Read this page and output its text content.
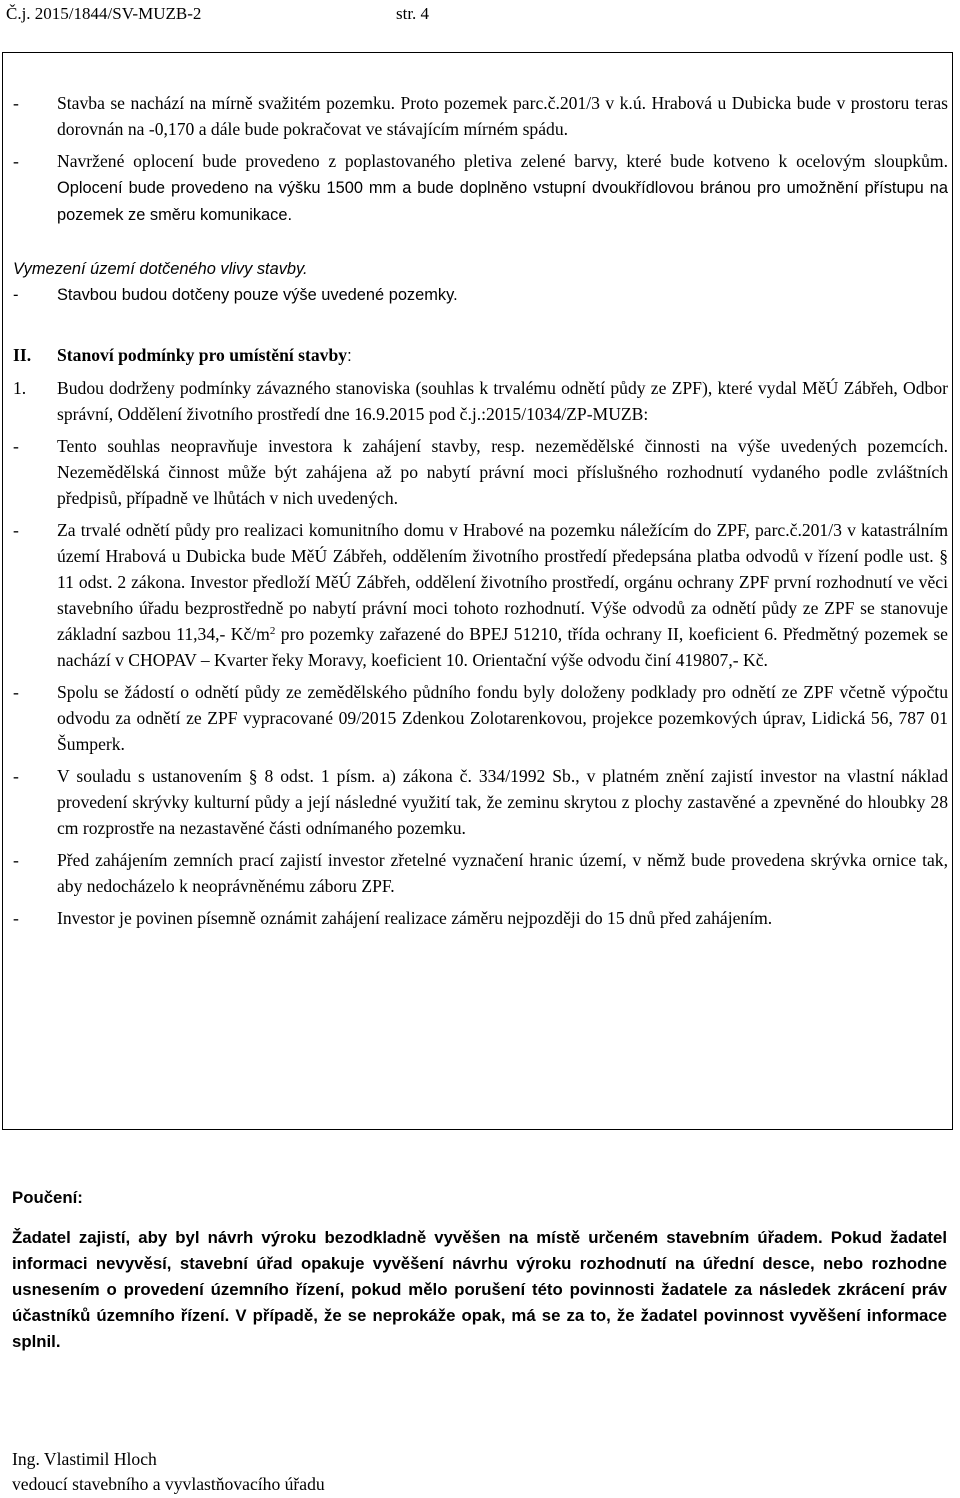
Č.j. 2015/1844/SV-MUZB-2	str. 4
- Stavba se nachází na mírně svažitém pozemku. Proto pozemek parc.č.201/3 v k.ú. Hrabová u Dubicka bude v prostoru teras dorovnán na -0,170 a dále bude pokračovat ve stávajícím mírném spádu.
- Navržené oplocení bude provedeno z poplastovaného pletiva zelené barvy, které bude kotveno k ocelovým sloupkům. Oplocení bude provedeno na výšku 1500 mm a bude doplněno vstupní dvoukřídlovou bránou pro umožnění přístupu na pozemek ze směru komunikace.
Vymezení území dotčeného vlivy stavby.
- Stavbou budou dotčeny pouze výše uvedené pozemky.
II. Stanoví podmínky pro umístění stavby:
1. Budou dodrženy podmínky závazného stanoviska (souhlas k trvalému odnětí půdy ze ZPF), které vydal MěÚ Zábřeh, Odbor správní, Oddělení životního prostředí dne 16.9.2015 pod č.j.:2015/1034/ZP-MUZB:
- Tento souhlas neopravňuje investora k zahájení stavby, resp. nezemědělské činnosti na výše uvedených pozemcích. Nezemědělská činnost může být zahájena až po nabytí právní moci příslušného rozhodnutí vydaného podle zvláštních předpisů, případně ve lhůtách v nich uvedených.
- Za trvalé odnětí půdy pro realizaci komunitního domu v Hrabové na pozemku náležícím do ZPF, parc.č.201/3 v katastrálním území Hrabová u Dubicka bude MěÚ Zábřeh, oddělením životního prostředí předepsána platba odvodů v řízení podle ust. § 11 odst. 2 zákona. Investor předloží MěÚ Zábřeh, oddělení životního prostředí, orgánu ochrany ZPF první rozhodnutí ve věci stavebního úřadu bezprostředně po nabytí právní moci tohoto rozhodnutí. Výše odvodů za odnětí půdy ze ZPF se stanovuje základní sazbou 11,34,- $Kč/m^2$ pro pozemky zařazené do BPEJ 51210, třída ochrany II, koeficient 6. Předmětný pozemek se nachází v CHOPAV – Kvarter řeky Moravy, koeficient 10. Orientační výše odvodu činí 419807,- Kč.
- Spolu se žádostí o odnětí půdy ze zemědělského půdního fondu byly doloženy podklady pro odnětí ze ZPF včetně výpočtu odvodu za odnětí ze ZPF vypracované 09/2015 Zdenkou Zolotarenkovou, projekce pozemkových úprav, Lidická 56, 787 01 Šumperk.
- V souladu s ustanovením § 8 odst. 1 písm. a) zákona č. 334/1992 Sb., v platném znění zajistí investor na vlastní náklad provedení skrývky kulturní půdy a její následné využití tak, že zeminu skrytou z plochy zastavěné a zpevněné do hloubky 28 cm rozprostře na nezastavěné části odnímaného pozemku.
- Před zahájením zemních prací zajistí investor zřetelné vyznačení hranic území, v němž bude provedena skrývka ornice tak, aby nedocházelo k neoprávněnému záboru ZPF.
- Investor je povinen písemně oznámit zahájení realizace záměru nejpozději do 15 dnů před zahájením.
Poučení:
Žadatel zajistí, aby byl návrh výroku bezodkladně vyvěšen na místě určeném stavebním úřadem. Pokud žadatel informaci nevyvěsí, stavební úřad opakuje vyvěšení návrhu výroku rozhodnutí na úřední desce, nebo rozhodne usnesením o provedení územního řízení, pokud mělo porušení této povinnosti žadatele za následek zkrácení práv účastníků územního řízení. V případě, že se neprokáže opak, má se za to, že žadatel povinnost vyvěšení informace splnil.
Ing. Vlastimil Hloch
vedoucí stavebního a vyvlastňovacího úřadu
